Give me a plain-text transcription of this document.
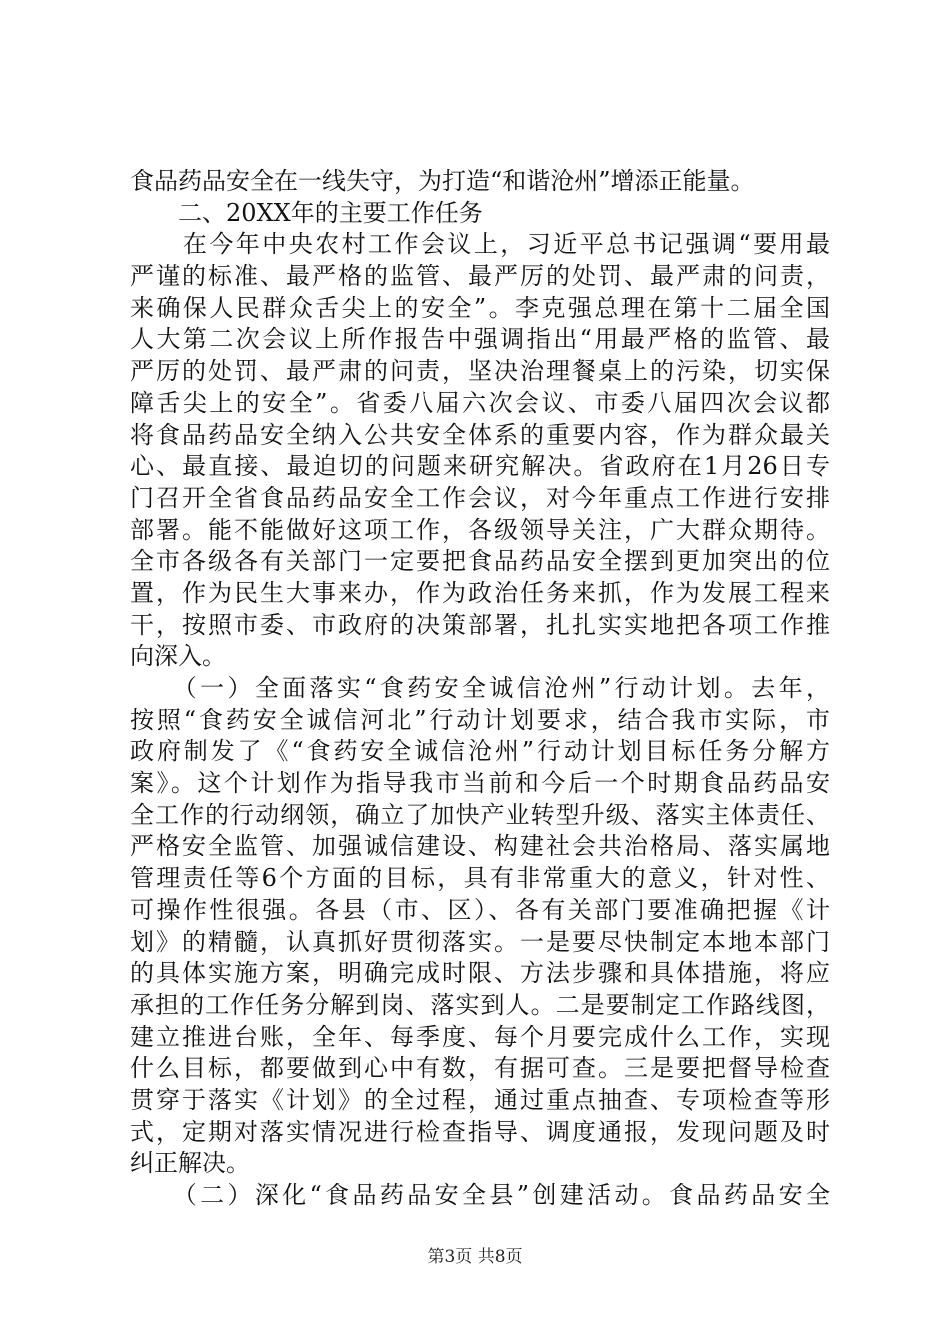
食品药品安全在一线失守，为打造“和谐沧州”增添正能量。
　　二、20XX年的主要工作任务
　　在今年中央农村工作会议上，习近平总书记强调“要用最
严谨的标准、最严格的监管、最严厉的处罚、最严肃的问责，
来确保人民群众舌尖上的安全”。李克强总理在第十二届全国
人大第二次会议上所作报告中强调指出“用最严格的监管、最
严厉的处罚、最严肃的问责，坚决治理餐桌上的污染，切实保
障舌尖上的安全”。省委八届六次会议、市委八届四次会议都
将食品药品安全纳入公共安全体系的重要内容，作为群众最关
心、最直接、最迫切的问题来研究解决。省政府在1月26日专
门召开全省食品药品安全工作会议，对今年重点工作进行安排
部署。能不能做好这项工作，各级领导关注，广大群众期待。
全市各级各有关部门一定要把食品药品安全摆到更加突出的位
置，作为民生大事来办，作为政治任务来抓，作为发展工程来
干，按照市委、市政府的决策部署，扎扎实实地把各项工作推
向深入。
　　（一）全面落实“食药安全诚信沧州”行动计划。去年，
按照“食药安全诚信河北”行动计划要求，结合我市实际，市
政府制发了《“食药安全诚信沧州”行动计划目标任务分解方
案》。这个计划作为指导我市当前和今后一个时期食品药品安
全工作的行动纲领，确立了加快产业转型升级、落实主体责任、
严格安全监管、加强诚信建设、构建社会共治格局、落实属地
管理责任等6个方面的目标，具有非常重大的意义，针对性、
可操作性很强。各县（市、区）、各有关部门要准确把握《计
划》的精髓，认真抓好贯彻落实。一是要尽快制定本地本部门
的具体实施方案，明确完成时限、方法步骤和具体措施，将应
承担的工作任务分解到岗、落实到人。二是要制定工作路线图，
建立推进台账，全年、每季度、每个月要完成什么工作，实现
什么目标，都要做到心中有数，有据可查。三是要把督导检查
贯穿于落实《计划》的全过程，通过重点抽查、专项检查等形
式，定期对落实情况进行检查指导、调度通报，发现问题及时
纠正解决。
　　（二）深化“食品药品安全县”创建活动。食品药品安全
第3页 共8页
